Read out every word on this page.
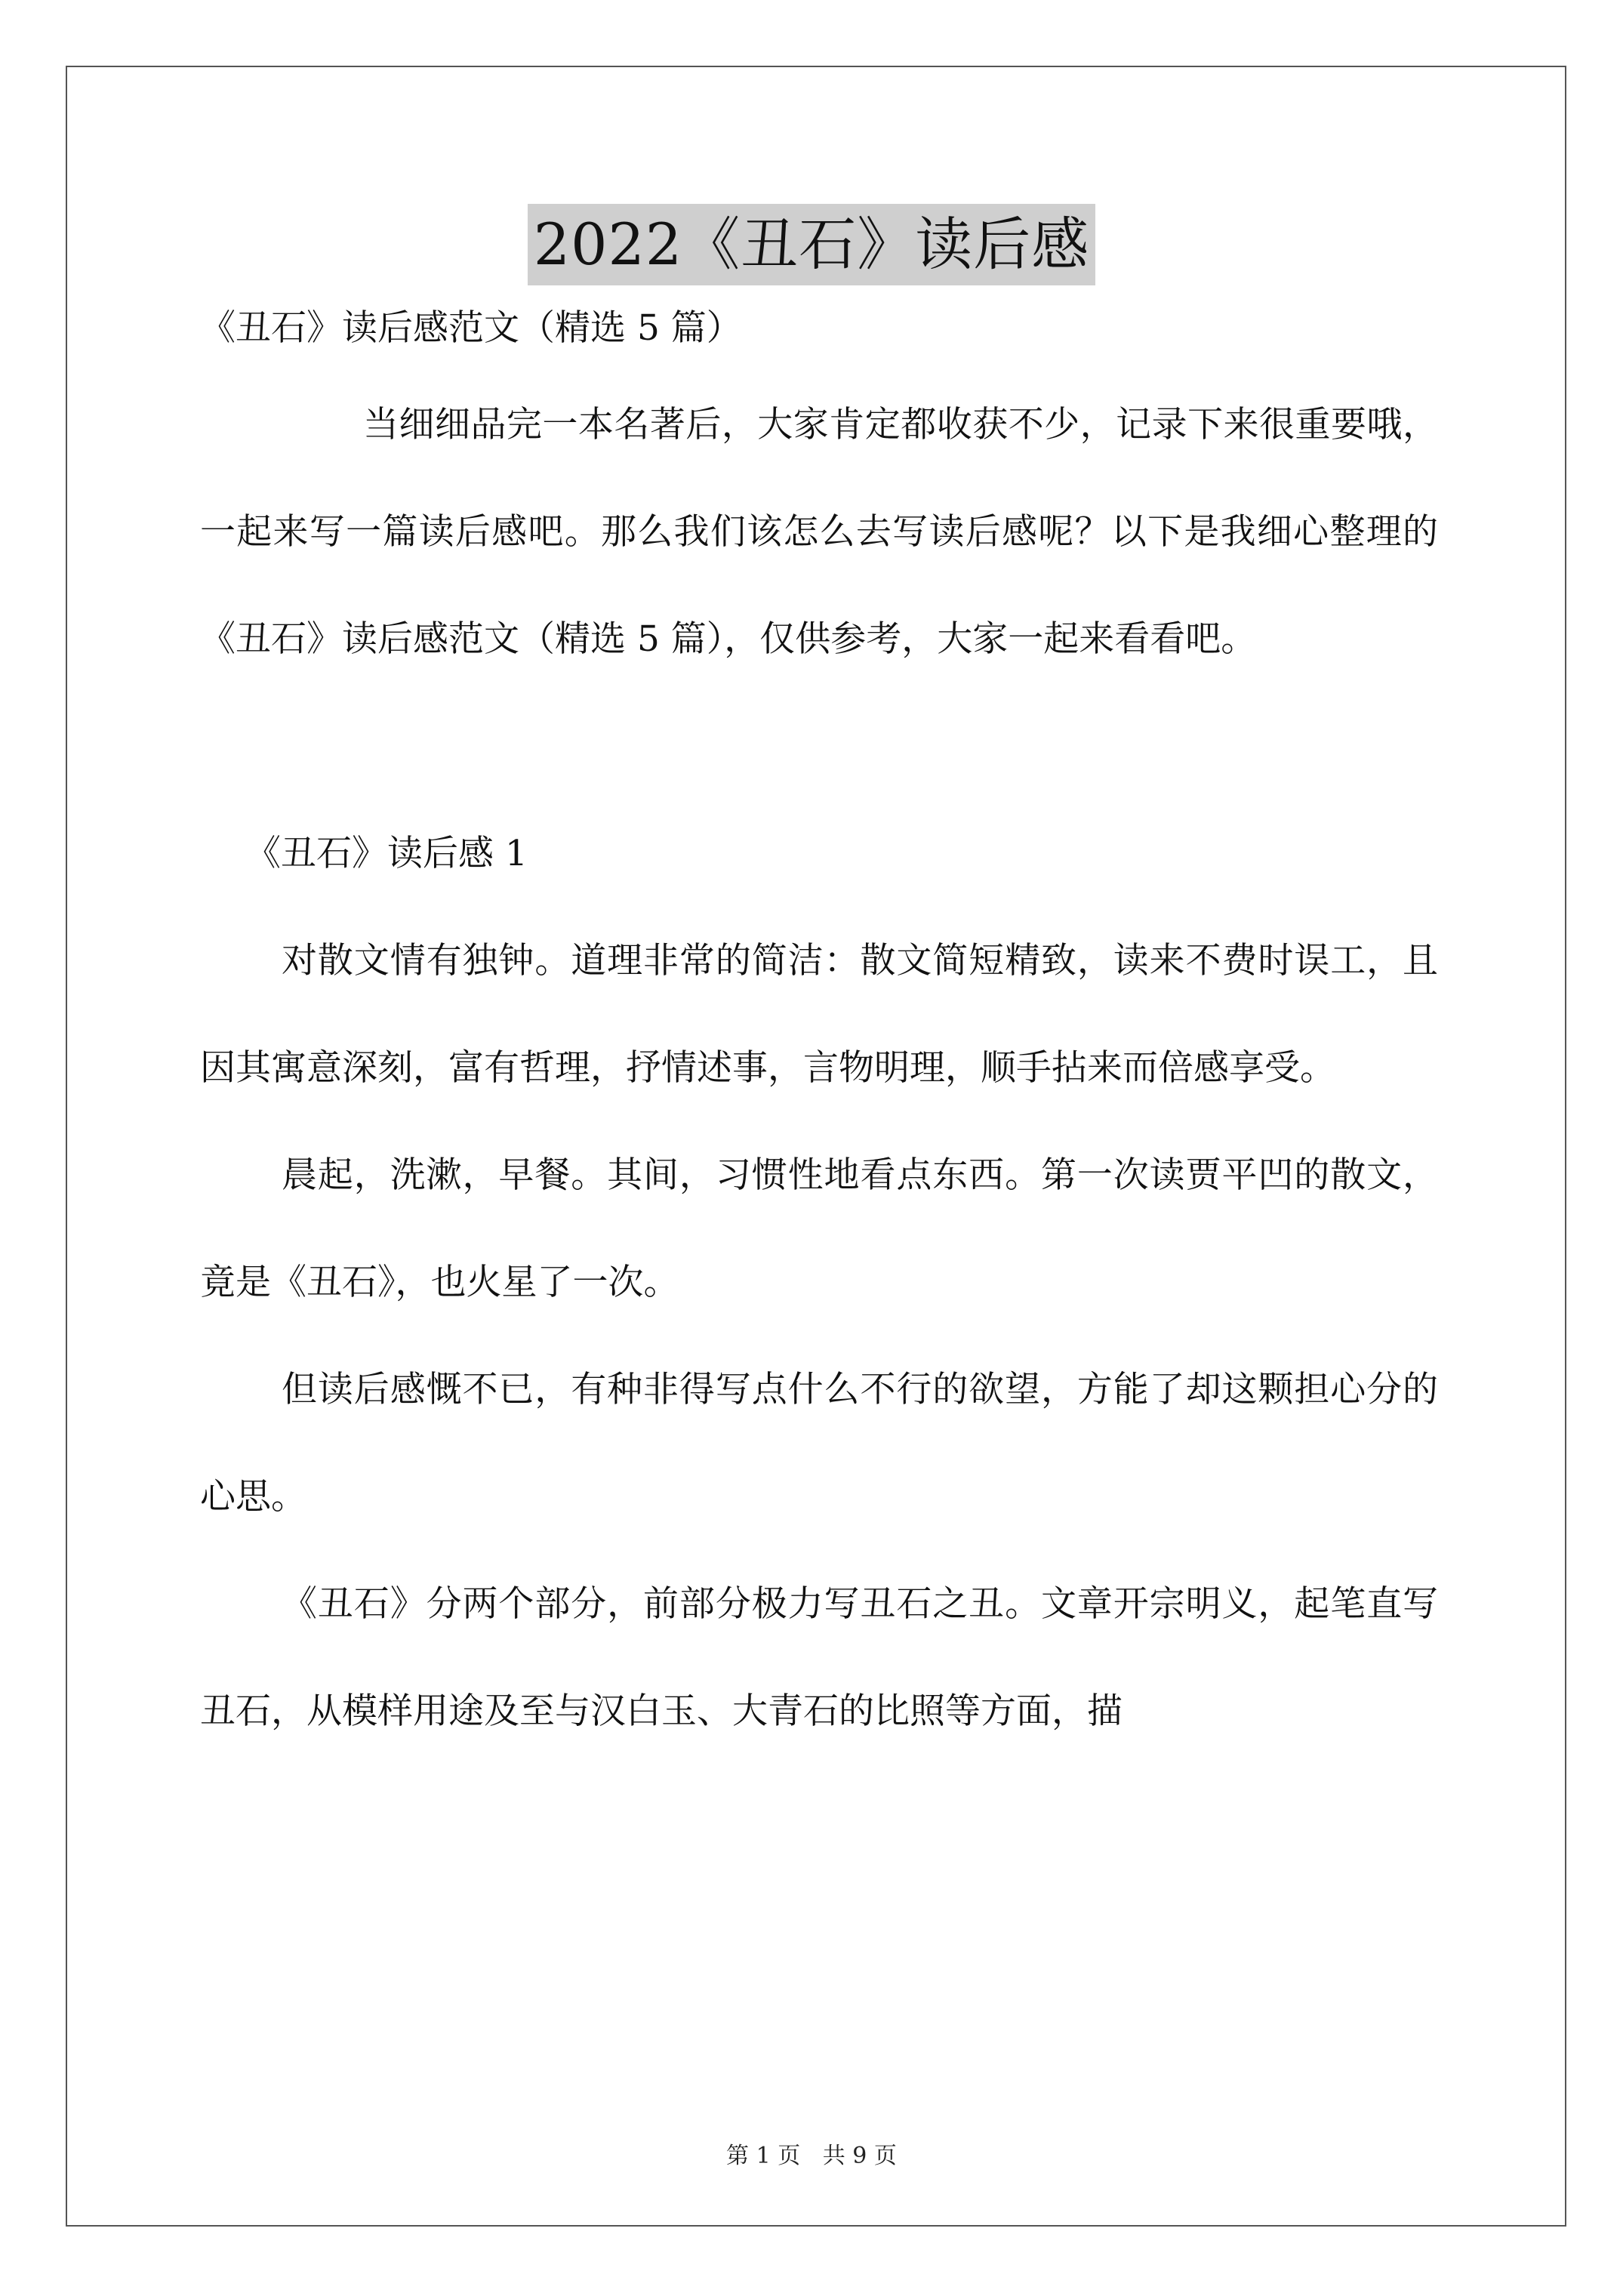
2022《丑石》读后感

《丑石》读后感范文（精选 5 篇）

当细细品完一本名著后，大家肯定都收获不少，记录下来很重要哦，一起来写一篇读后感吧。那么我们该怎么去写读后感呢？以下是我细心整理的《丑石》读后感范文（精选 5 篇），仅供参考，大家一起来看看吧。

《丑石》读后感 1

对散文情有独钟。道理非常的简洁：散文简短精致，读来不费时误工，且因其寓意深刻，富有哲理，抒情述事，言物明理，顺手拈来而倍感享受。

晨起，洗漱，早餐。其间，习惯性地看点东西。第一次读贾平凹的散文，竟是《丑石》，也火星了一次。

但读后感慨不已，有种非得写点什么不行的欲望，方能了却这颗担心分的心思。

《丑石》分两个部分，前部分极力写丑石之丑。文章开宗明义，起笔直写丑石，从模样用途及至与汉白玉、大青石的比照等方面，描

第 1 页 共 9 页
